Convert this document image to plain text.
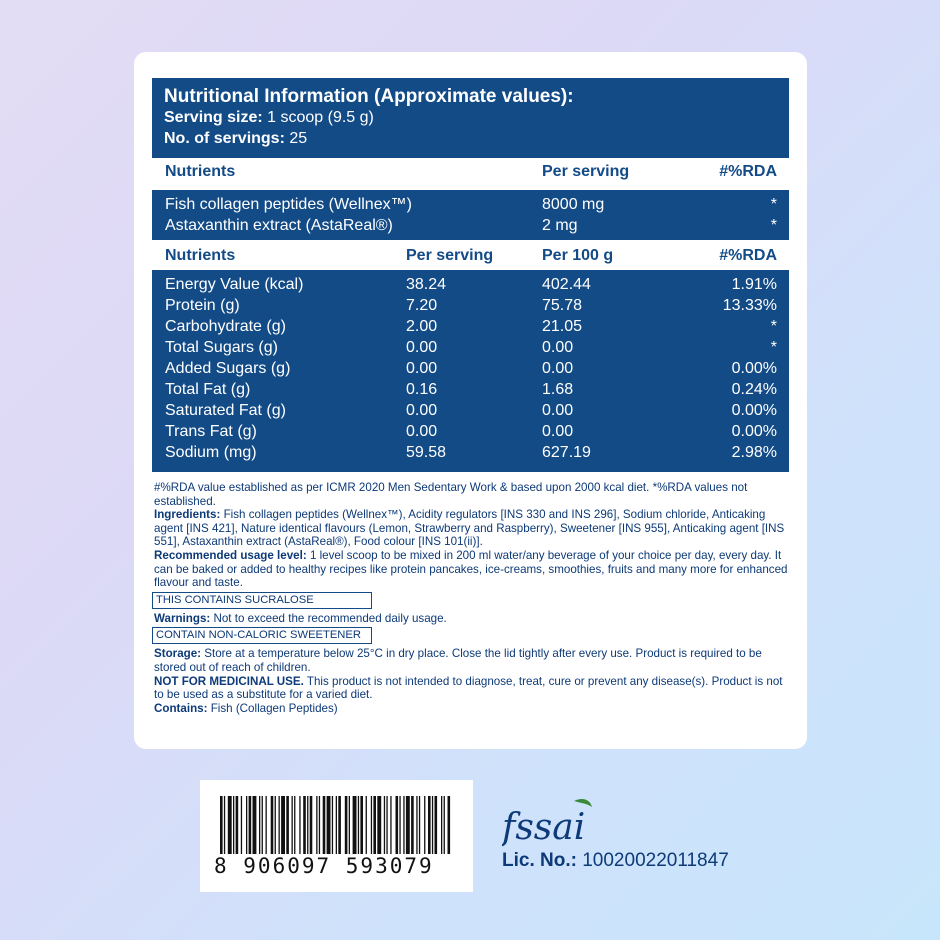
Nutritional Information (Approximate values):
Serving size: 1 scoop (9.5 g)
No. of servings: 25
Nutrients	Per serving	#%RDA
Fish collagen peptides (Wellnex™)	8000 mg	*
Astaxanthin extract (AstaReal®)	2 mg	*
Nutrients	Per serving	Per 100 g	#%RDA
Energy Value (kcal)	38.24	402.44	1.91%
Protein (g)	7.20	75.78	13.33%
Carbohydrate (g)	2.00	21.05	*
Total Sugars (g)	0.00	0.00	*
Added Sugars (g)	0.00	0.00	0.00%
Total Fat (g)	0.16	1.68	0.24%
Saturated Fat (g)	0.00	0.00	0.00%
Trans Fat (g)	0.00	0.00	0.00%
Sodium (mg)	59.58	627.19	2.98%

#%RDA value established as per ICMR 2020 Men Sedentary Work & based upon 2000 kcal diet. *%RDA values not established.

Ingredients: Fish collagen peptides (Wellnex™), Acidity regulators [INS 330 and INS 296], Sodium chloride, Anticaking agent [INS 421], Nature identical flavours (Lemon, Strawberry and Raspberry), Sweetener [INS 955], Anticaking agent [INS 551], Astaxanthin extract (AstaReal®), Food colour [INS 101(ii)].

Recommended usage level: 1 level scoop to be mixed in 200 ml water/any beverage of your choice per day, every day. It can be baked or added to healthy recipes like protein pancakes, ice-creams, smoothies, fruits and many more for enhanced flavour and taste.

THIS CONTAINS SUCRALOSE

Warnings: Not to exceed the recommended daily usage.

CONTAIN NON-CALORIC SWEETENER

Storage: Store at a temperature below 25°C in dry place. Close the lid tightly after every use. Product is required to be stored out of reach of children.

NOT FOR MEDICINAL USE. This product is not intended to diagnose, treat, cure or prevent any disease(s). Product is not to be used as a substitute for a varied diet.

Contains: Fish (Collagen Peptides)

8 906097 593079
fssai
Lic. No.: 10020022011847
